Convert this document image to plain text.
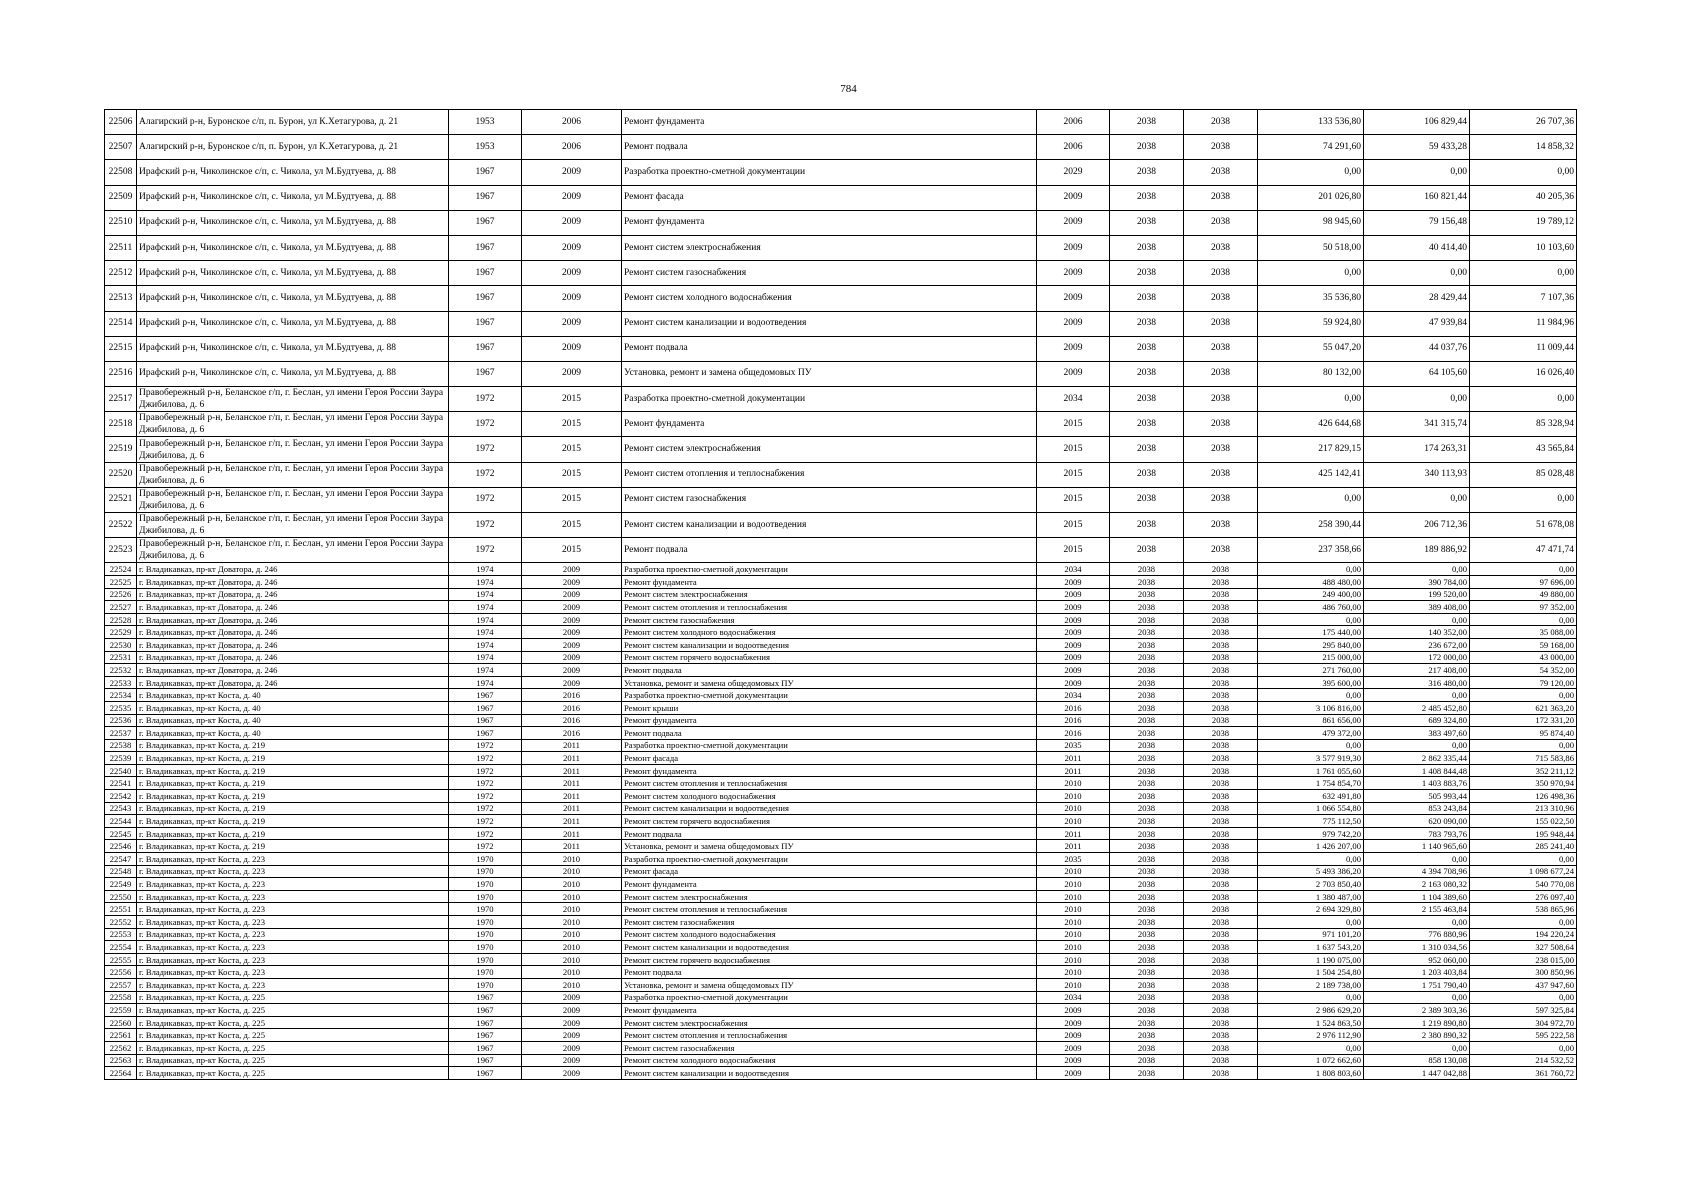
784
22506	Алагирский р-н, Буронское с/п, п. Бурон, ул К.Хетагурова, д. 21	1953	2006	Ремонт фундамента	2006	2038	2038	133 536,80	106 829,44	26 707,36
22507	Алагирский р-н, Буронское с/п, п. Бурон, ул К.Хетагурова, д. 21	1953	2006	Ремонт подвала	2006	2038	2038	74 291,60	59 433,28	14 858,32
22508	Ирафский р-н, Чиколинское с/п, с. Чикола, ул М.Будтуева, д. 88	1967	2009	Разработка проектно-сметной документации	2029	2038	2038	0,00	0,00	0,00
22509	Ирафский р-н, Чиколинское с/п, с. Чикола, ул М.Будтуева, д. 88	1967	2009	Ремонт фасада	2009	2038	2038	201 026,80	160 821,44	40 205,36
22510	Ирафский р-н, Чиколинское с/п, с. Чикола, ул М.Будтуева, д. 88	1967	2009	Ремонт фундамента	2009	2038	2038	98 945,60	79 156,48	19 789,12
22511	Ирафский р-н, Чиколинское с/п, с. Чикола, ул М.Будтуева, д. 88	1967	2009	Ремонт систем электроснабжения	2009	2038	2038	50 518,00	40 414,40	10 103,60
22512	Ирафский р-н, Чиколинское с/п, с. Чикола, ул М.Будтуева, д. 88	1967	2009	Ремонт систем газоснабжения	2009	2038	2038	0,00	0,00	0,00
22513	Ирафский р-н, Чиколинское с/п, с. Чикола, ул М.Будтуева, д. 88	1967	2009	Ремонт систем холодного водоснабжения	2009	2038	2038	35 536,80	28 429,44	7 107,36
22514	Ирафский р-н, Чиколинское с/п, с. Чикола, ул М.Будтуева, д. 88	1967	2009	Ремонт систем канализации и водоотведения	2009	2038	2038	59 924,80	47 939,84	11 984,96
22515	Ирафский р-н, Чиколинское с/п, с. Чикола, ул М.Будтуева, д. 88	1967	2009	Ремонт подвала	2009	2038	2038	55 047,20	44 037,76	11 009,44
22516	Ирафский р-н, Чиколинское с/п, с. Чикола, ул М.Будтуева, д. 88	1967	2009	Установка, ремонт и замена общедомовых ПУ	2009	2038	2038	80 132,00	64 105,60	16 026,40
22517	Правобережный р-н, Беланское г/п, г. Беслан, ул имени Героя России Заура Джибилова, д. 6	1972	2015	Разработка проектно-сметной документации	2034	2038	2038	0,00	0,00	0,00
22518	Правобережный р-н, Беланское г/п, г. Беслан, ул имени Героя России Заура Джибилова, д. 6	1972	2015	Ремонт фундамента	2015	2038	2038	426 644,68	341 315,74	85 328,94
22519	Правобережный р-н, Беланское г/п, г. Беслан, ул имени Героя России Заура Джибилова, д. 6	1972	2015	Ремонт систем электроснабжения	2015	2038	2038	217 829,15	174 263,31	43 565,84
22520	Правобережный р-н, Беланское г/п, г. Беслан, ул имени Героя России Заура Джибилова, д. 6	1972	2015	Ремонт систем отопления и теплоснабжения	2015	2038	2038	425 142,41	340 113,93	85 028,48
22521	Правобережный р-н, Беланское г/п, г. Беслан, ул имени Героя России Заура Джибилова, д. 6	1972	2015	Ремонт систем газоснабжения	2015	2038	2038	0,00	0,00	0,00
22522	Правобережный р-н, Беланское г/п, г. Беслан, ул имени Героя России Заура Джибилова, д. 6	1972	2015	Ремонт систем канализации и водоотведения	2015	2038	2038	258 390,44	206 712,36	51 678,08
22523	Правобережный р-н, Беланское г/п, г. Беслан, ул имени Героя России Заура Джибилова, д. 6	1972	2015	Ремонт подвала	2015	2038	2038	237 358,66	189 886,92	47 471,74
22524	г. Владикавказ, пр-кт Доватора, д. 246	1974	2009	Разработка проектно-сметной документации	2034	2038	2038	0,00	0,00	0,00
22525	г. Владикавказ, пр-кт Доватора, д. 246	1974	2009	Ремонт фундамента	2009	2038	2038	488 480,00	390 784,00	97 696,00
22526	г. Владикавказ, пр-кт Доватора, д. 246	1974	2009	Ремонт систем электроснабжения	2009	2038	2038	249 400,00	199 520,00	49 880,00
22527	г. Владикавказ, пр-кт Доватора, д. 246	1974	2009	Ремонт систем отопления и теплоснабжения	2009	2038	2038	486 760,00	389 408,00	97 352,00
22528	г. Владикавказ, пр-кт Доватора, д. 246	1974	2009	Ремонт систем газоснабжения	2009	2038	2038	0,00	0,00	0,00
22529	г. Владикавказ, пр-кт Доватора, д. 246	1974	2009	Ремонт систем холодного водоснабжения	2009	2038	2038	175 440,00	140 352,00	35 088,00
22530	г. Владикавказ, пр-кт Доватора, д. 246	1974	2009	Ремонт систем канализации и водоотведения	2009	2038	2038	295 840,00	236 672,00	59 168,00
22531	г. Владикавказ, пр-кт Доватора, д. 246	1974	2009	Ремонт систем горячего водоснабжения	2009	2038	2038	215 000,00	172 000,00	43 000,00
22532	г. Владикавказ, пр-кт Доватора, д. 246	1974	2009	Ремонт подвала	2009	2038	2038	271 760,00	217 408,00	54 352,00
22533	г. Владикавказ, пр-кт Доватора, д. 246	1974	2009	Установка, ремонт и замена общедомовых ПУ	2009	2038	2038	395 600,00	316 480,00	79 120,00
22534	г. Владикавказ, пр-кт Коста, д. 40	1967	2016	Разработка проектно-сметной документации	2034	2038	2038	0,00	0,00	0,00
22535	г. Владикавказ, пр-кт Коста, д. 40	1967	2016	Ремонт крыши	2016	2038	2038	3 106 816,00	2 485 452,80	621 363,20
22536	г. Владикавказ, пр-кт Коста, д. 40	1967	2016	Ремонт фундамента	2016	2038	2038	861 656,00	689 324,80	172 331,20
22537	г. Владикавказ, пр-кт Коста, д. 40	1967	2016	Ремонт подвала	2016	2038	2038	479 372,00	383 497,60	95 874,40
22538	г. Владикавказ, пр-кт Коста, д. 219	1972	2011	Разработка проектно-сметной документации	2035	2038	2038	0,00	0,00	0,00
22539	г. Владикавказ, пр-кт Коста, д. 219	1972	2011	Ремонт фасада	2011	2038	2038	3 577 919,30	2 862 335,44	715 583,86
22540	г. Владикавказ, пр-кт Коста, д. 219	1972	2011	Ремонт фундамента	2011	2038	2038	1 761 055,60	1 408 844,48	352 211,12
22541	г. Владикавказ, пр-кт Коста, д. 219	1972	2011	Ремонт систем отопления и теплоснабжения	2010	2038	2038	1 754 854,70	1 403 883,76	350 970,94
22542	г. Владикавказ, пр-кт Коста, д. 219	1972	2011	Ремонт систем холодного водоснабжения	2010	2038	2038	632 491,80	505 993,44	126 498,36
22543	г. Владикавказ, пр-кт Коста, д. 219	1972	2011	Ремонт систем канализации и водоотведения	2010	2038	2038	1 066 554,80	853 243,84	213 310,96
22544	г. Владикавказ, пр-кт Коста, д. 219	1972	2011	Ремонт систем горячего водоснабжения	2010	2038	2038	775 112,50	620 090,00	155 022,50
22545	г. Владикавказ, пр-кт Коста, д. 219	1972	2011	Ремонт подвала	2011	2038	2038	979 742,20	783 793,76	195 948,44
22546	г. Владикавказ, пр-кт Коста, д. 219	1972	2011	Установка, ремонт и замена общедомовых ПУ	2011	2038	2038	1 426 207,00	1 140 965,60	285 241,40
22547	г. Владикавказ, пр-кт Коста, д. 223	1970	2010	Разработка проектно-сметной документации	2035	2038	2038	0,00	0,00	0,00
22548	г. Владикавказ, пр-кт Коста, д. 223	1970	2010	Ремонт фасада	2010	2038	2038	5 493 386,20	4 394 708,96	1 098 677,24
22549	г. Владикавказ, пр-кт Коста, д. 223	1970	2010	Ремонт фундамента	2010	2038	2038	2 703 850,40	2 163 080,32	540 770,08
22550	г. Владикавказ, пр-кт Коста, д. 223	1970	2010	Ремонт систем электроснабжения	2010	2038	2038	1 380 487,00	1 104 389,60	276 097,40
22551	г. Владикавказ, пр-кт Коста, д. 223	1970	2010	Ремонт систем отопления и теплоснабжения	2010	2038	2038	2 694 329,80	2 155 463,84	538 865,96
22552	г. Владикавказ, пр-кт Коста, д. 223	1970	2010	Ремонт систем газоснабжения	2010	2038	2038	0,00	0,00	0,00
22553	г. Владикавказ, пр-кт Коста, д. 223	1970	2010	Ремонт систем холодного водоснабжения	2010	2038	2038	971 101,20	776 880,96	194 220,24
22554	г. Владикавказ, пр-кт Коста, д. 223	1970	2010	Ремонт систем канализации и водоотведения	2010	2038	2038	1 637 543,20	1 310 034,56	327 508,64
22555	г. Владикавказ, пр-кт Коста, д. 223	1970	2010	Ремонт систем горячего водоснабжения	2010	2038	2038	1 190 075,00	952 060,00	238 015,00
22556	г. Владикавказ, пр-кт Коста, д. 223	1970	2010	Ремонт подвала	2010	2038	2038	1 504 254,80	1 203 403,84	300 850,96
22557	г. Владикавказ, пр-кт Коста, д. 223	1970	2010	Установка, ремонт и замена общедомовых ПУ	2010	2038	2038	2 189 738,00	1 751 790,40	437 947,60
22558	г. Владикавказ, пр-кт Коста, д. 225	1967	2009	Разработка проектно-сметной документации	2034	2038	2038	0,00	0,00	0,00
22559	г. Владикавказ, пр-кт Коста, д. 225	1967	2009	Ремонт фундамента	2009	2038	2038	2 986 629,20	2 389 303,36	597 325,84
22560	г. Владикавказ, пр-кт Коста, д. 225	1967	2009	Ремонт систем электроснабжения	2009	2038	2038	1 524 863,50	1 219 890,80	304 972,70
22561	г. Владикавказ, пр-кт Коста, д. 225	1967	2009	Ремонт систем отопления и теплоснабжения	2009	2038	2038	2 976 112,90	2 380 890,32	595 222,58
22562	г. Владикавказ, пр-кт Коста, д. 225	1967	2009	Ремонт систем газоснабжения	2009	2038	2038	0,00	0,00	0,00
22563	г. Владикавказ, пр-кт Коста, д. 225	1967	2009	Ремонт систем холодного водоснабжения	2009	2038	2038	1 072 662,60	858 130,08	214 532,52
22564	г. Владикавказ, пр-кт Коста, д. 225	1967	2009	Ремонт систем канализации и водоотведения	2009	2038	2038	1 808 803,60	1 447 042,88	361 760,72
